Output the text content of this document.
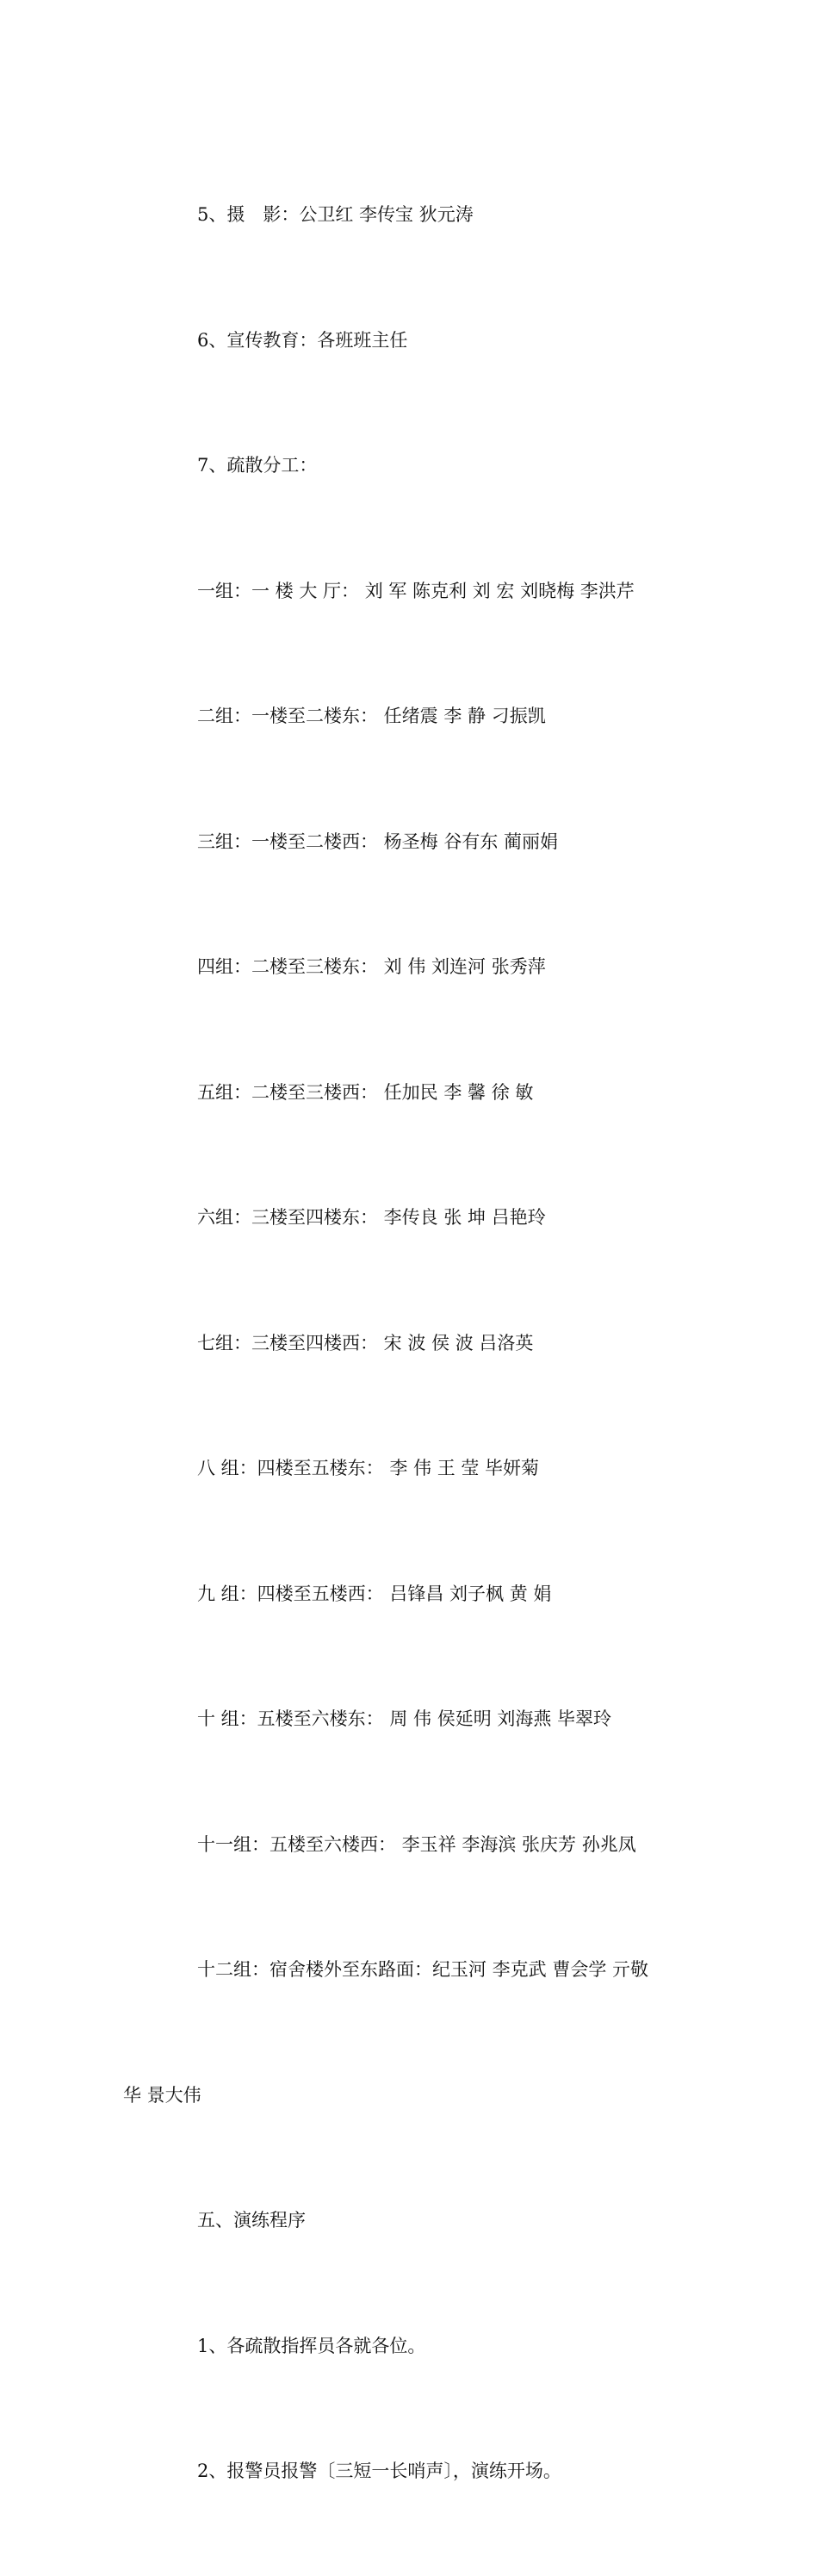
5、摄　影：公卫红 李传宝 狄元涛

6、宣传教育：各班班主任

7、疏散分工：

一组：一 楼 大 厅： 刘 军 陈克利 刘 宏 刘晓梅 李洪芹

二组：一楼至二楼东： 任绪震 李 静 刁振凯

三组：一楼至二楼西： 杨圣梅 谷有东 蔺丽娟

四组：二楼至三楼东： 刘 伟 刘连河 张秀萍

五组：二楼至三楼西： 任加民 李 馨 徐 敏

六组：三楼至四楼东： 李传良 张 坤 吕艳玲

七组：三楼至四楼西： 宋 波 侯 波 吕洛英

八 组：四楼至五楼东： 李 伟 王 莹 毕妍菊

九 组：四楼至五楼西： 吕锋昌 刘子枫 黄 娟

十 组：五楼至六楼东： 周 伟 侯延明 刘海燕 毕翠玲

十一组：五楼至六楼西： 李玉祥 李海滨 张庆芳 孙兆凤

十二组：宿舍楼外至东路面：纪玉河 李克武 曹会学 亓敬

华 景大伟

五、演练程序

1、各疏散指挥员各就各位。

2、报警员报警〔三短一长哨声〕，演练开场。
